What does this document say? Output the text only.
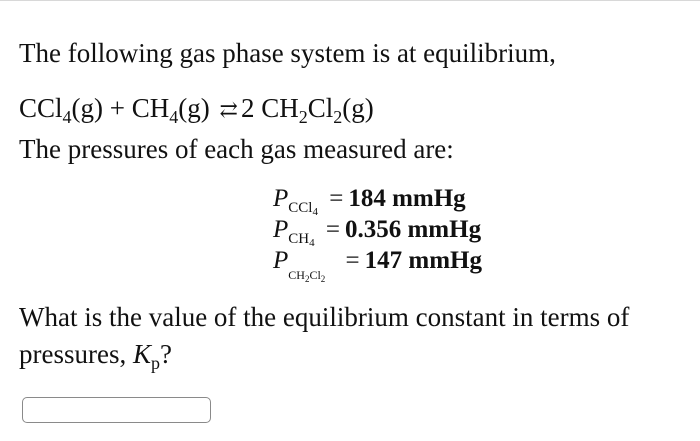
The following gas phase system is at equilibrium,
$CCl_4(g) + CH_4(g)$ ⇄ 2 $CH_2Cl_2(g)$
The pressures of each gas measured are:
$P_{CCl_4} = 184$ mmHg
$P_{CH_4} = 0.356$ mmHg
$P_{CH_2Cl_2} = 147$ mmHg
What is the value of the equilibrium constant in terms of
pressures, $K_p$?
